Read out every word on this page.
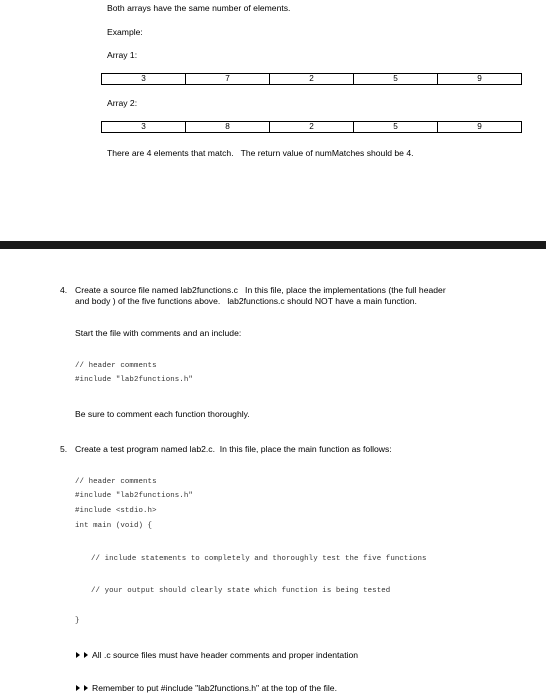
Both arrays have the same number of elements.
Example:
Array 1:
3	7	2	5	9
Array 2:
3	8	2	5	9
There are 4 elements that match.   The return value of numMatches should be 4.
4. Create a source file named lab2functions.c   In this file, place the implementations (the full header
and body ) of the five functions above.   lab2functions.c should NOT have a main function.
Start the file with comments and an include:
// header comments
#include "lab2functions.h"
Be sure to comment each function thoroughly.
5. Create a test program named lab2.c.  In this file, place the main function as follows:
// header comments
#include "lab2functions.h"
#include <stdio.h>
int main (void) {
// include statements to completely and thoroughly test the five functions
// your output should clearly state which function is being tested
}
All .c source files must have header comments and proper indentation
Remember to put #include "lab2functions.h" at the top of the file.
